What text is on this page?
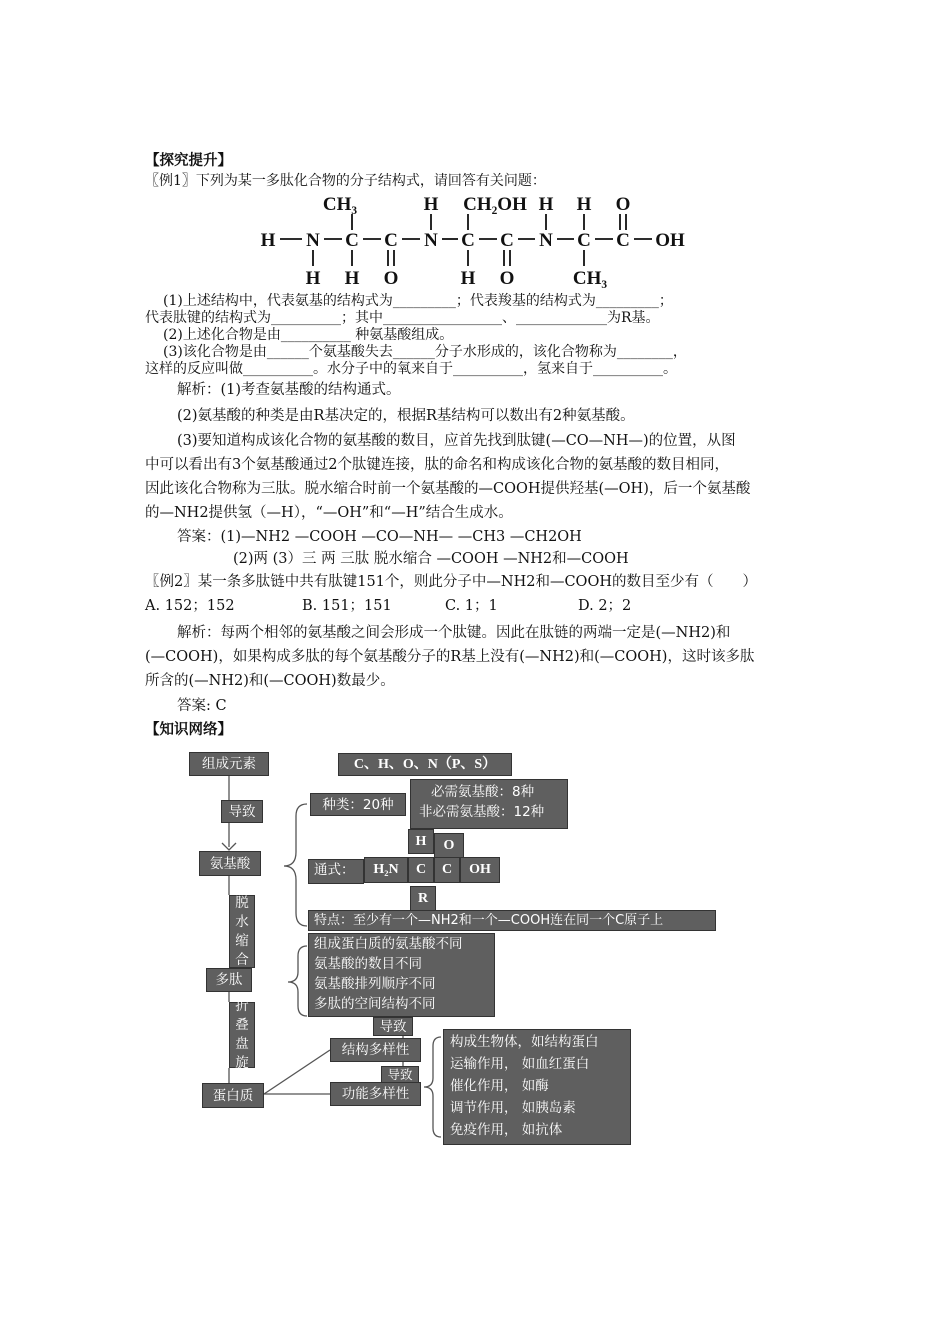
【探究提升】
〖例1〗下列为某一多肽化合物的分子结构式，请回答有关问题：
CH₃	H CH₂OH H H O
H N C C N C C N C C OH
H H O	H O	CH₃
(1)上述结构中，代表氨基的结构式为_________；代表羧基的结构式为_________；
代表肽键的结构式为__________；其中_________________、_____________为R基。
(2)上述化合物是由__________ 种氨基酸组成。
(3)该化合物是由______个氨基酸失去______分子水形成的，该化合物称为________，
这样的反应叫做__________。水分子中的氧来自于__________，氢来自于__________。
解析：(1)考查氨基酸的结构通式。
(2)氨基酸的种类是由R基决定的，根据R基结构可以数出有2种氨基酸。
(3)要知道构成该化合物的氨基酸的数目，应首先找到肽键(—CO—NH—)的位置，从图
中可以看出有3个氨基酸通过2个肽键连接，肽的命名和构成该化合物的氨基酸的数目相同，
因此该化合物称为三肽。脱水缩合时前一个氨基酸的—COOH提供羟基(—OH)，后一个氨基酸
的—NH2提供氢（—H），“—OH”和“—H”结合生成水。
答案：(1)—NH2 —COOH —CO—NH— —CH3 —CH2OH
(2)两 (3）三 两 三肽 脱水缩合 —COOH —NH2和—COOH
〖例2〗某一条多肽链中共有肽键151个，则此分子中—NH2和—COOH的数目至少有（　　）
A. 152；152	B. 151；151	C. 1；1	D. 2；2
解析：每两个相邻的氨基酸之间会形成一个肽键。因此在肽链的两端一定是(—NH2)和
(—COOH)，如果构成多肽的每个氨基酸分子的R基上没有(—NH2)和(—COOH)，这时该多肽
所含的(—NH2)和(—COOH)数最少。
答案: C
【知识网络】
组成元素
导致
氨基酸
脱水缩合
多肽
折叠盘旋
蛋白质
C、H、O、N（P、S）
种类：20种
必需氨基酸：8种
非必需氨基酸：12种
通式：
H	O
H₂N	C	C	OH
R
特点：至少有一个—NH2和一个—COOH连在同一个C原子上
组成蛋白质的氨基酸不同
氨基酸的数目不同
氨基酸排列顺序不同
多肽的空间结构不同
导致
结构多样性
导致
功能多样性
构成生物体，如结构蛋白
运输作用， 如血红蛋白
催化作用， 如酶
调节作用， 如胰岛素
免疫作用， 如抗体
